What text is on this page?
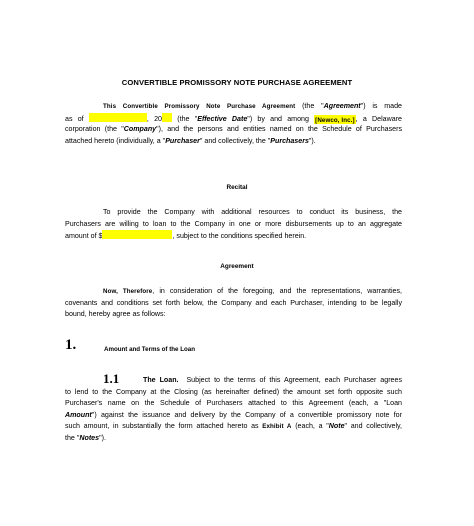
CONVERTIBLE PROMISSORY NOTE PURCHASE AGREEMENT
This Convertible Promissory Note Purchase Agreement (the "Agreement") is made
as of	, 20 (the "Effective Date") by and among [Newco, Inc.], a Delaware
corporation (the "Company"), and the persons and entities named on the Schedule of Purchasers
attached hereto (individually, a "Purchaser" and collectively, the "Purchasers").
Recital
To provide the Company with additional resources to conduct its business, the
Purchasers are willing to loan to the Company in one or more disbursements up to an aggregate
amount of $	, subject to the conditions specified herein.
Agreement
Now, Therefore, in consideration of the foregoing, and the representations, warranties,
covenants and conditions set forth below, the Company and each Purchaser, intending to be legally
bound, hereby agree as follows:
1.	Amount and Terms of the Loan
1.1	The Loan. Subject to the terms of this Agreement, each Purchaser agrees
to lend to the Company at the Closing (as hereinafter defined) the amount set forth opposite such
Purchaser's name on the Schedule of Purchasers attached to this Agreement (each, a "Loan
Amount") against the issuance and delivery by the Company of a convertible promissory note for
such amount, in substantially the form attached hereto as Exhibit A (each, a "Note" and collectively,
the "Notes").
